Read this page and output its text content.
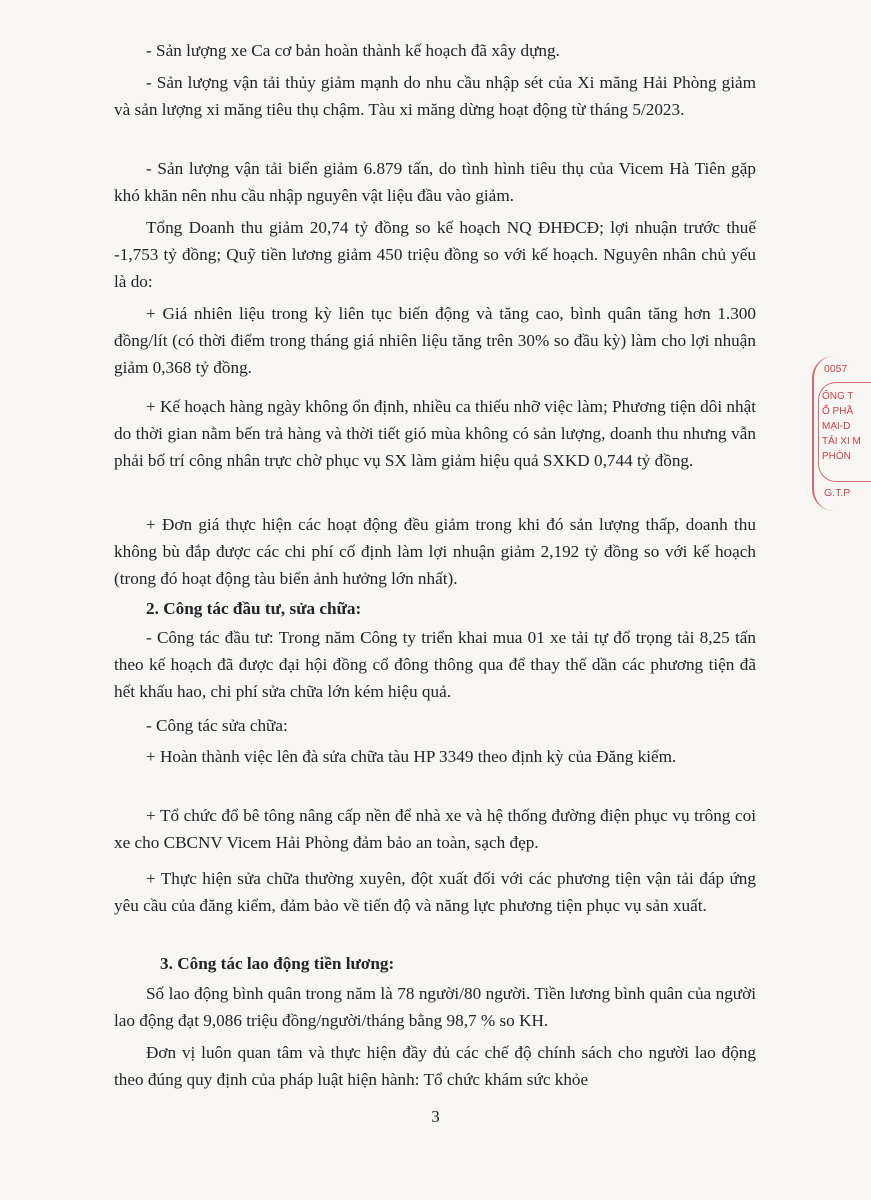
- Sản lượng xe Ca cơ bản hoàn thành kế hoạch đã xây dựng.

- Sản lượng vận tải thủy giảm mạnh do nhu cầu nhập sét của Xi măng Hải Phòng giảm và sản lượng xi măng tiêu thụ chậm. Tàu xi măng dừng hoạt động từ tháng 5/2023.

- Sản lượng vận tải biển giảm 6.879 tấn, do tình hình tiêu thụ của Vicem Hà Tiên gặp khó khăn nên nhu cầu nhập nguyên vật liệu đầu vào giảm.

Tổng Doanh thu giảm 20,74 tỷ đồng so kế hoạch NQ ĐHĐCĐ; lợi nhuận trước thuế -1,753 tỷ đồng; Quỹ tiền lương giảm 450 triệu đồng so với kế hoạch. Nguyên nhân chủ yếu là do:

+ Giá nhiên liệu trong kỳ liên tục biến động và tăng cao, bình quân tăng hơn 1.300 đồng/lít (có thời điểm trong tháng giá nhiên liệu tăng trên 30% so đầu kỳ) làm cho lợi nhuận giảm 0,368 tỷ đồng.

+ Kế hoạch hàng ngày không ổn định, nhiều ca thiếu nhỡ việc làm; Phương tiện dôi nhật do thời gian nằm bến trả hàng và thời tiết gió mùa không có sản lượng, doanh thu nhưng vẫn phải bố trí công nhân trực chờ phục vụ SX làm giảm hiệu quả SXKD 0,744 tỷ đồng.

+ Đơn giá thực hiện các hoạt động đều giảm trong khi đó sản lượng thấp, doanh thu không bù đắp được các chi phí cố định làm lợi nhuận giảm 2,192 tỷ đồng so với kế hoạch (trong đó hoạt động tàu biển ảnh hưởng lớn nhất).

2. Công tác đầu tư, sửa chữa:

- Công tác đầu tư: Trong năm Công ty triển khai mua 01 xe tải tự đổ trọng tải 8,25 tấn theo kế hoạch đã được đại hội đồng cổ đông thông qua để thay thế dần các phương tiện đã hết khấu hao, chi phí sửa chữa lớn kém hiệu quả.

- Công tác sửa chữa:

+ Hoàn thành việc lên đà sửa chữa tàu HP 3349 theo định kỳ của Đăng kiểm.

+ Tổ chức đổ bê tông nâng cấp nền để nhà xe và hệ thống đường điện phục vụ trông coi xe cho CBCNV Vicem Hải Phòng đảm bảo an toàn, sạch đẹp.

+ Thực hiện sửa chữa thường xuyên, đột xuất đối với các phương tiện vận tải đáp ứng yêu cầu của đăng kiểm, đảm bảo về tiến độ và năng lực phương tiện phục vụ sản xuất.

3. Công tác lao động tiền lương:

Số lao động bình quân trong năm là 78 người/80 người. Tiền lương bình quân của người lao động đạt 9,086 triệu đồng/người/tháng bằng 98,7 % so KH.

Đơn vị luôn quan tâm và thực hiện đầy đủ các chế độ chính sách cho người lao động theo đúng quy định của pháp luật hiện hành: Tổ chức khám sức khỏe

3
0057
ÔNG T
Ổ PHẦ
MẠI-D
TẢI XI M
PHÒN
G.T.P
